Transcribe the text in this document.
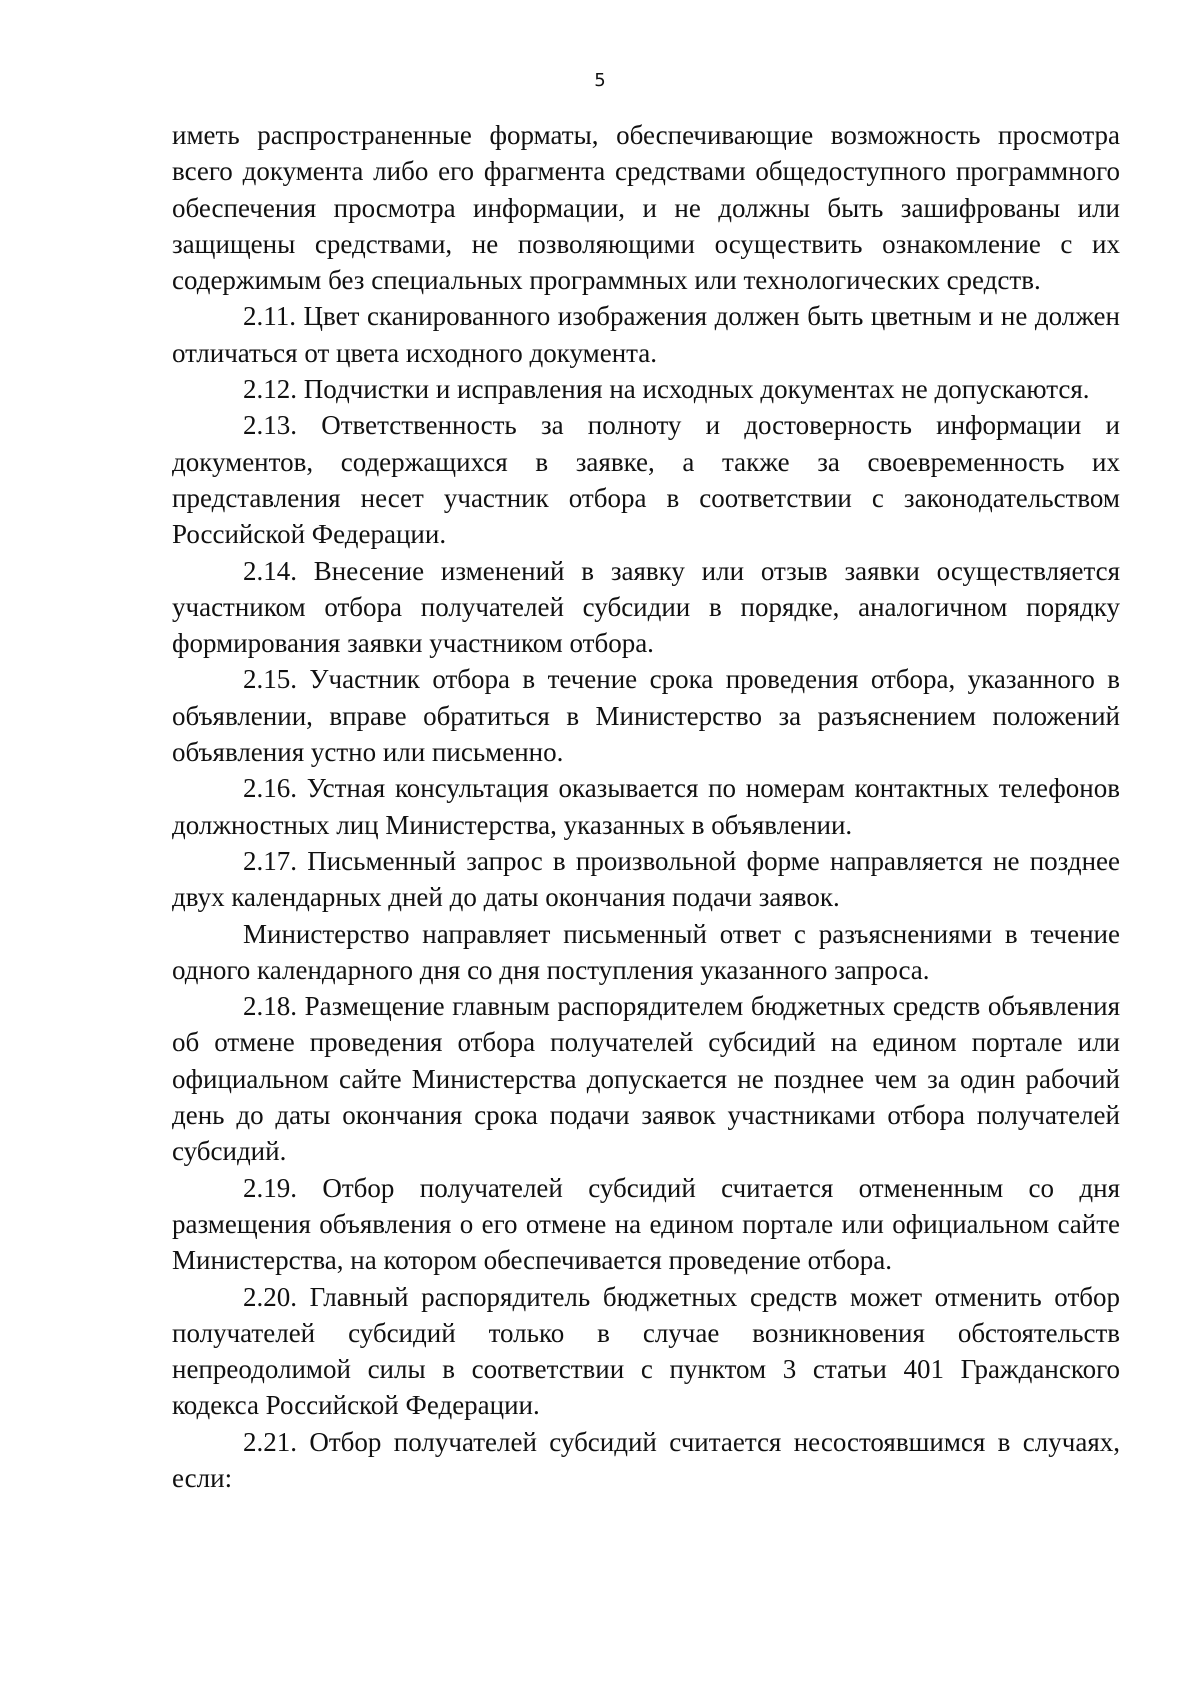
5

иметь распространенные форматы, обеспечивающие возможность просмотра всего документа либо его фрагмента средствами общедоступного программного обеспечения просмотра информации, и не должны быть зашифрованы или защищены средствами, не позволяющими осуществить ознакомление с их содержимым без специальных программных или технологических средств.

2.11. Цвет сканированного изображения должен быть цветным и не должен отличаться от цвета исходного документа.

2.12. Подчистки и исправления на исходных документах не допускаются.

2.13. Ответственность за полноту и достоверность информации и документов, содержащихся в заявке, а также за своевременность их представления несет участник отбора в соответствии с законодательством Российской Федерации.

2.14. Внесение изменений в заявку или отзыв заявки осуществляется участником отбора получателей субсидии в порядке, аналогичном порядку формирования заявки участником отбора.

2.15. Участник отбора в течение срока проведения отбора, указанного в объявлении, вправе обратиться в Министерство за разъяснением положений объявления устно или письменно.

2.16. Устная консультация оказывается по номерам контактных телефонов должностных лиц Министерства, указанных в объявлении.

2.17. Письменный запрос в произвольной форме направляется не позднее двух календарных дней до даты окончания подачи заявок.

Министерство направляет письменный ответ с разъяснениями в течение одного календарного дня со дня поступления указанного запроса.

2.18. Размещение главным распорядителем бюджетных средств объявления об отмене проведения отбора получателей субсидий на едином портале или официальном сайте Министерства допускается не позднее чем за один рабочий день до даты окончания срока подачи заявок участниками отбора получателей субсидий.

2.19. Отбор получателей субсидий считается отмененным со дня размещения объявления о его отмене на едином портале или официальном сайте Министерства, на котором обеспечивается проведение отбора.

2.20. Главный распорядитель бюджетных средств может отменить отбор получателей субсидий только в случае возникновения обстоятельств непреодолимой силы в соответствии с пунктом 3 статьи 401 Гражданского кодекса Российской Федерации.

2.21. Отбор получателей субсидий считается несостоявшимся в случаях, если:
